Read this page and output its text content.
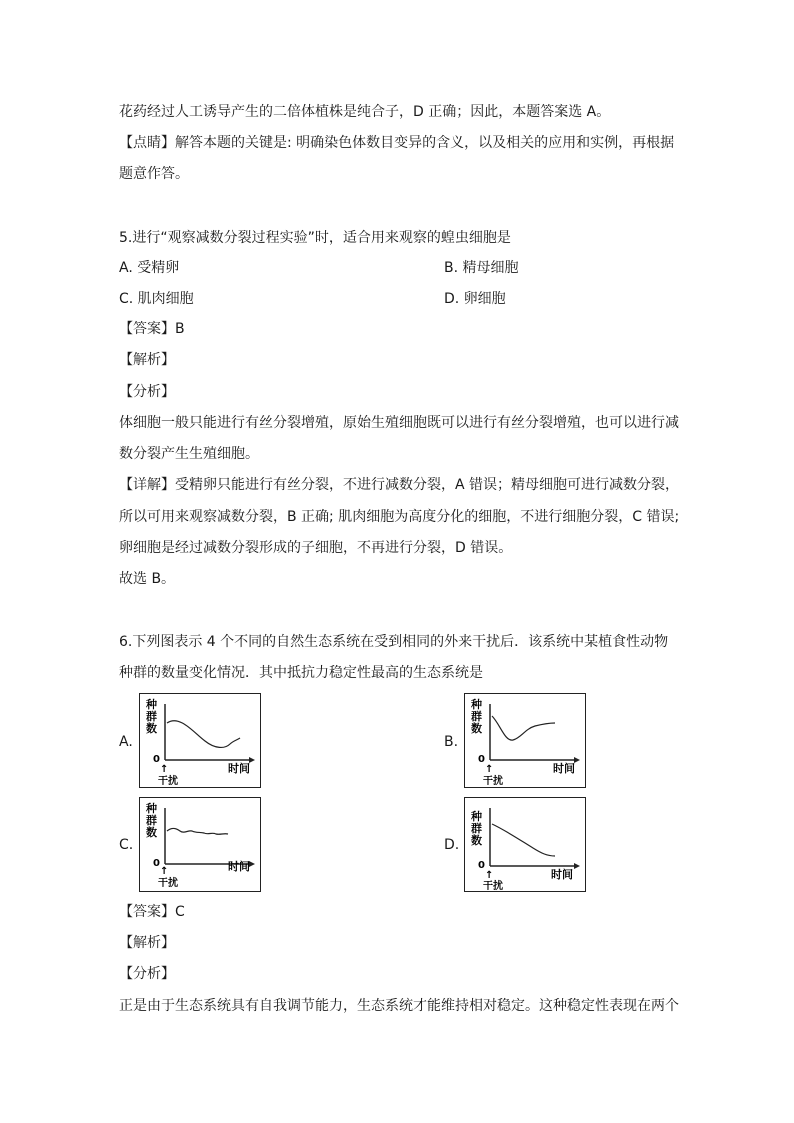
花药经过人工诱导产生的二倍体植株是纯合子，D 正确；因此，本题答案选 A。
【点睛】解答本题的关键是: 明确染色体数目变异的含义，以及相关的应用和实例，再根据
题意作答。
5.进行“观察减数分裂过程实验”时，适合用来观察的蝗虫细胞是
A. 受精卵	B. 精母细胞
C. 肌肉细胞	D. 卵细胞
【答案】B
【解析】
【分析】
体细胞一般只能进行有丝分裂增殖，原始生殖细胞既可以进行有丝分裂增殖，也可以进行减
数分裂产生生殖细胞。
【详解】受精卵只能进行有丝分裂，不进行减数分裂，A 错误；精母细胞可进行减数分裂，
所以可用来观察减数分裂，B 正确; 肌肉细胞为高度分化的细胞，不进行细胞分裂，C 错误;
卵细胞是经过减数分裂形成的子细胞，不再进行分裂，D 错误。
故选 B。
6.下列图表示 4 个不同的自然生态系统在受到相同的外来干扰后．该系统中某植食性动物
种群的数量变化情况．其中抵抗力稳定性最高的生态系统是
A.	B.
C.	D.
种
群
数
0
时间
↑
干扰
种
群
数
0
时间
↑
干扰
种
群
数
0	时间
↑
干扰
种
群
数
0
时间
↑
干扰
【答案】C
【解析】
【分析】
正是由于生态系统具有自我调节能力，生态系统才能维持相对稳定。这种稳定性表现在两个
